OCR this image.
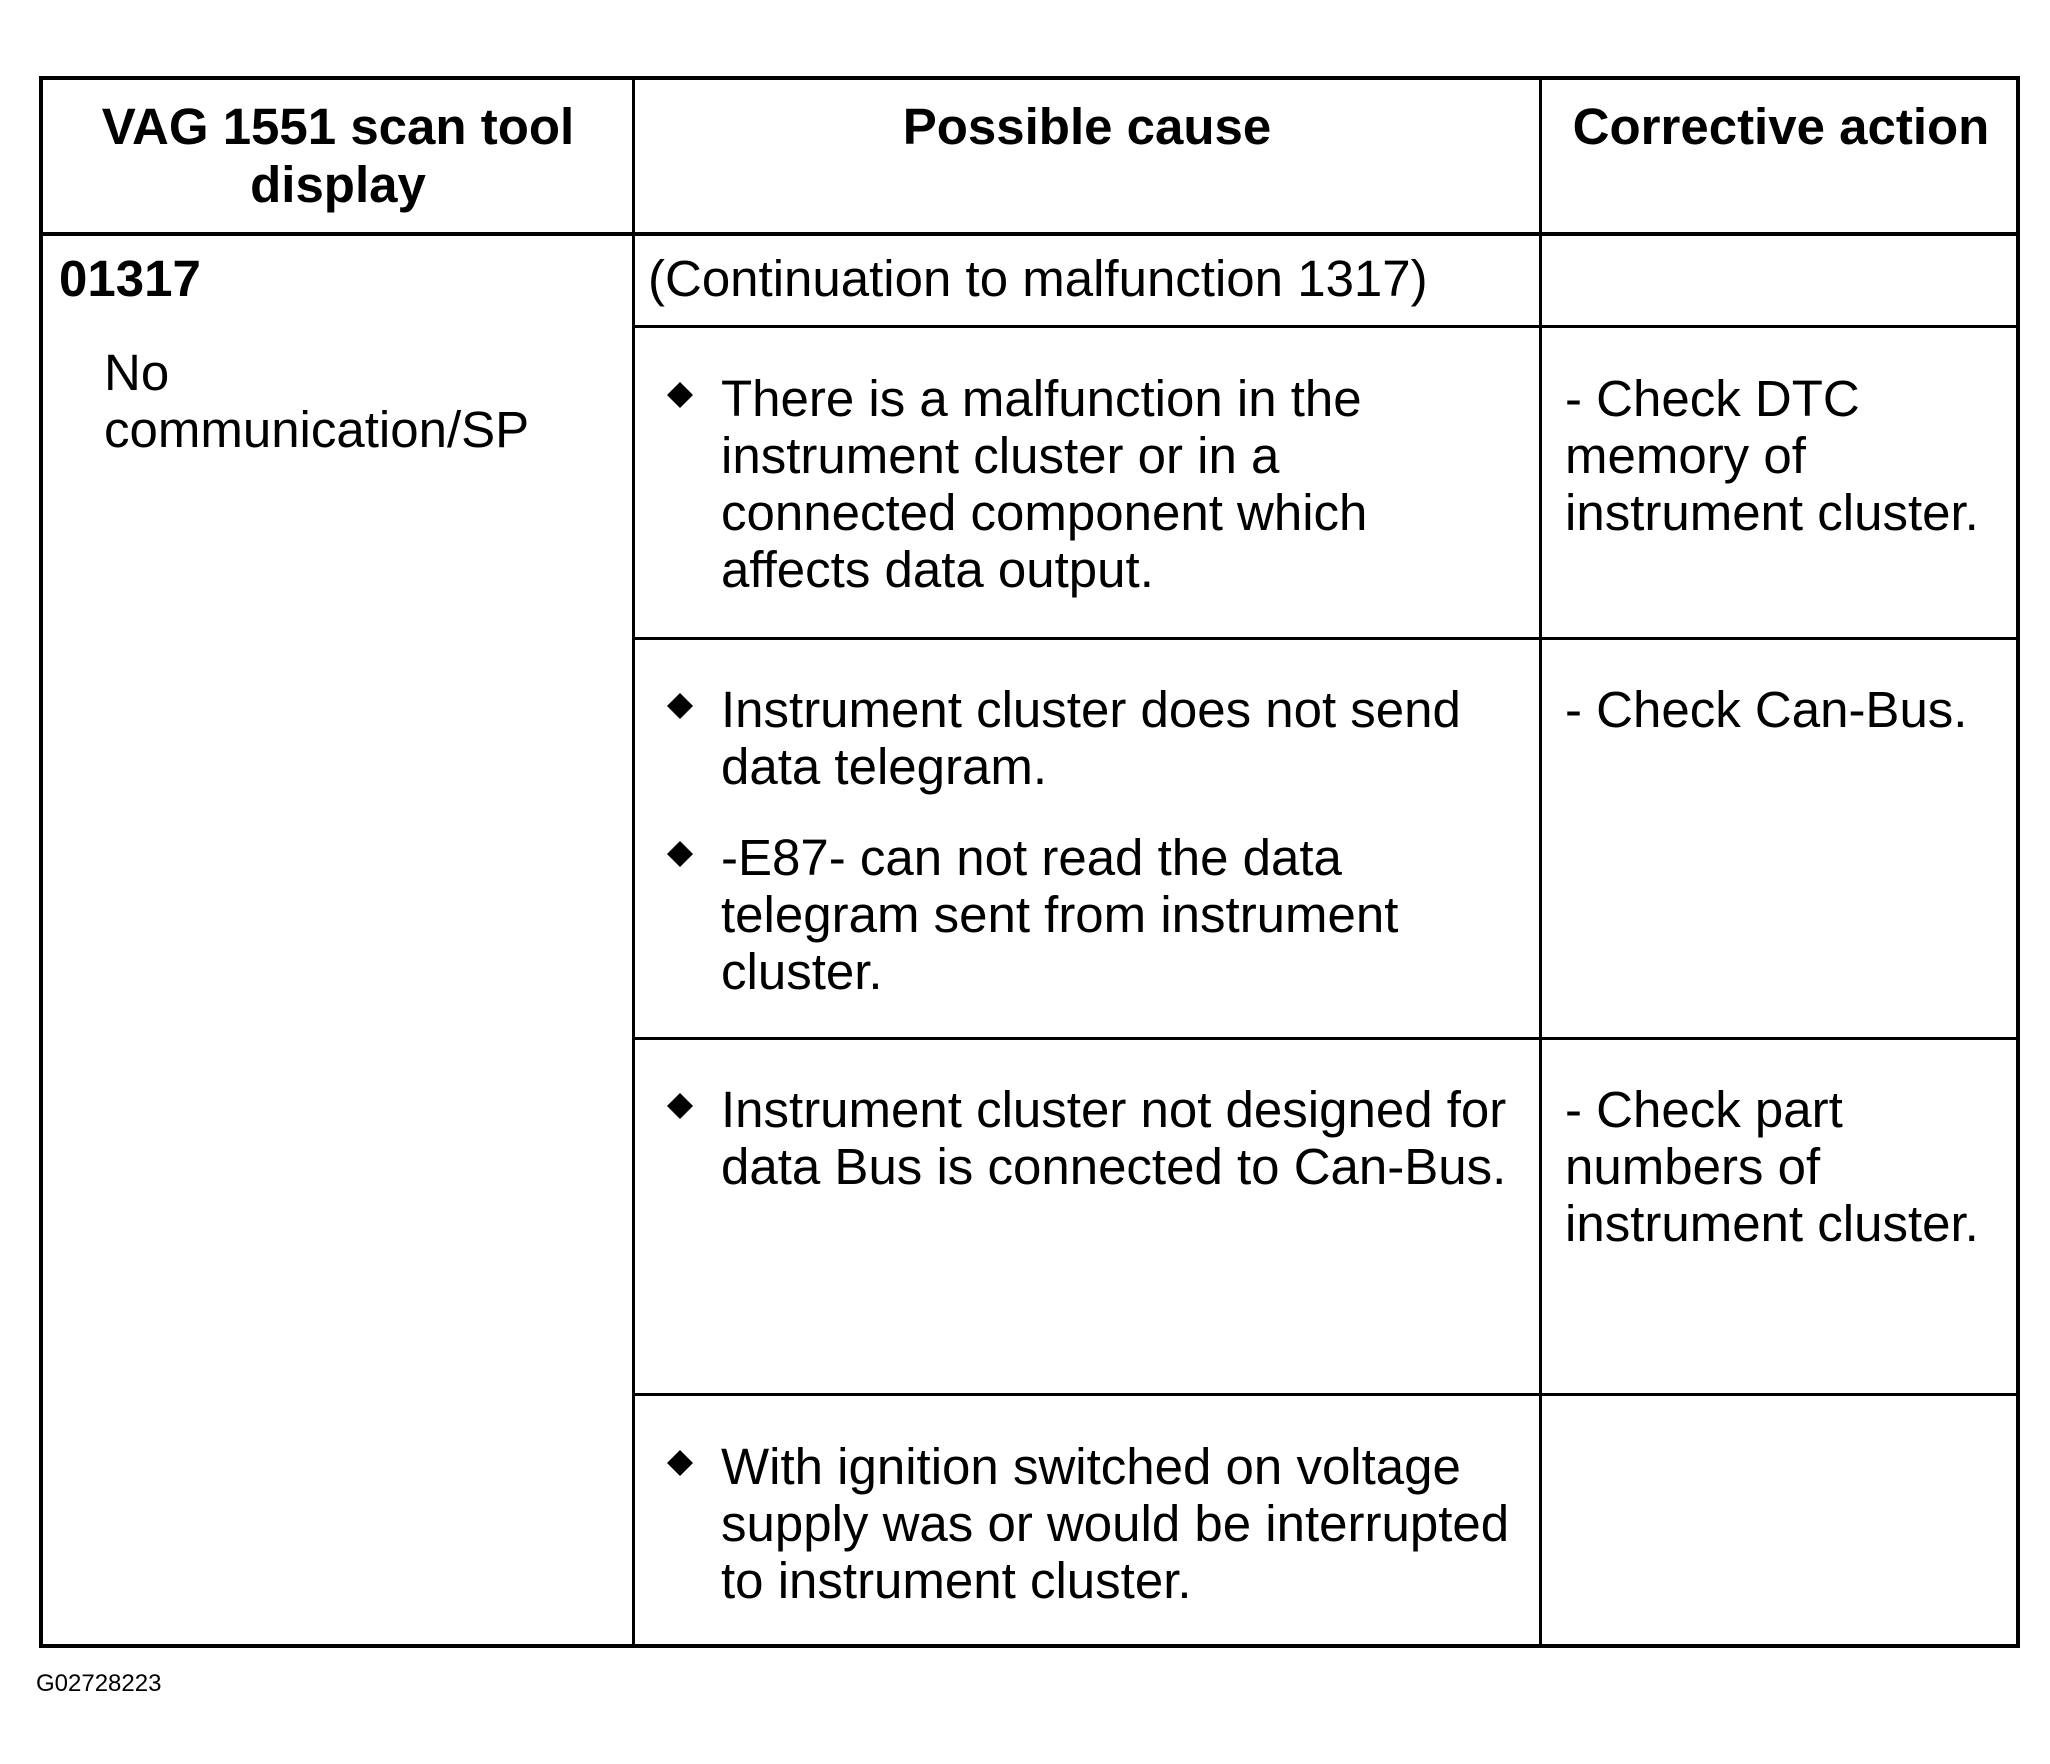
VAG 1551 scan tool display
Possible cause	Corrective action
01317
No
communication/SP
(Continuation to malfunction 1317)
There is a malfunction in the instrument cluster or in a connected component which affects data output.
- Check DTC memory of instrument cluster.
Instrument cluster does not send data telegram.
-E87- can not read the data telegram sent from instrument cluster.
- Check Can-Bus.
Instrument cluster not designed for data Bus is connected to Can-Bus.
- Check part numbers of instrument cluster.
With ignition switched on voltage supply was or would be interrupted to instrument cluster.
G02728223
